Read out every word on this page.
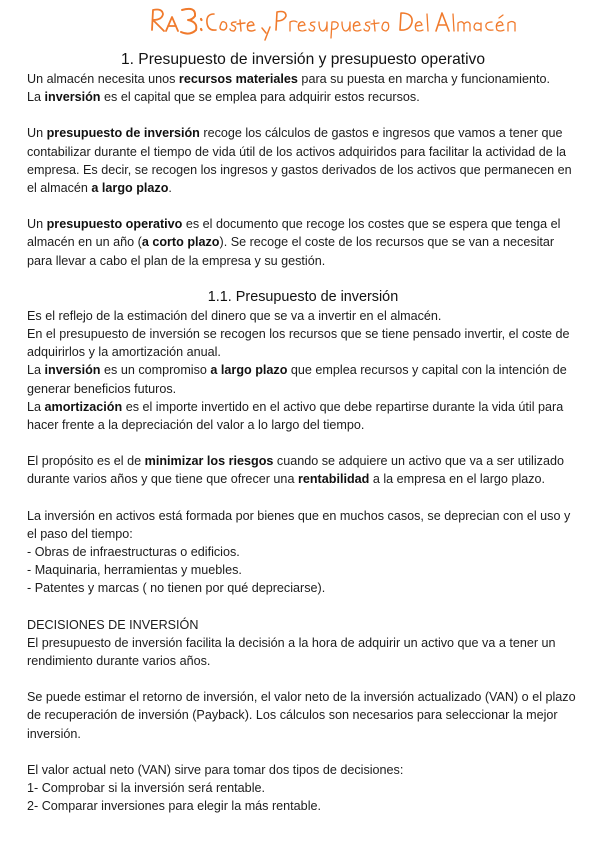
1. Presupuesto de inversión y presupuesto operativo

Un almacén necesita unos recursos materiales para su puesta en marcha y funcionamiento.

La inversión es el capital que se emplea para adquirir estos recursos.

Un presupuesto de inversión recoge los cálculos de gastos e ingresos que vamos a tener que contabilizar durante el tiempo de vida útil de los activos adquiridos para facilitar la actividad de la empresa. Es decir, se recogen los ingresos y gastos derivados de los activos que permanecen en el almacén a largo plazo.

Un presupuesto operativo es el documento que recoge los costes que se espera que tenga el almacén en un año (a corto plazo). Se recoge el coste de los recursos que se van a necesitar para llevar a cabo el plan de la empresa y su gestión.

1.1. Presupuesto de inversión

Es el reflejo de la estimación del dinero que se va a invertir en el almacén.

En el presupuesto de inversión se recogen los recursos que se tiene pensado invertir, el coste de adquirirlos y la amortización anual.

La inversión es un compromiso a largo plazo que emplea recursos y capital con la intención de generar beneficios futuros.

La amortización es el importe invertido en el activo que debe repartirse durante la vida útil para hacer frente a la depreciación del valor a lo largo del tiempo.

El propósito es el de minimizar los riesgos cuando se adquiere un activo que va a ser utilizado durante varios años y que tiene que ofrecer una rentabilidad a la empresa en el largo plazo.

La inversión en activos está formada por bienes que en muchos casos, se deprecian con el uso y el paso del tiempo:

- Obras de infraestructuras o edificios.

- Maquinaria, herramientas y muebles.

- Patentes y marcas ( no tienen por qué depreciarse).

DECISIONES DE INVERSIÓN

El presupuesto de inversión facilita la decisión a la hora de adquirir un activo que va a tener un rendimiento durante varios años.

Se puede estimar el retorno de inversión, el valor neto de la inversión actualizado (VAN) o el plazo de recuperación de inversión (Payback). Los cálculos son necesarios para seleccionar la mejor inversión.

El valor actual neto (VAN) sirve para tomar dos tipos de decisiones:

1- Comprobar si la inversión será rentable.

2- Comparar inversiones para elegir la más rentable.
